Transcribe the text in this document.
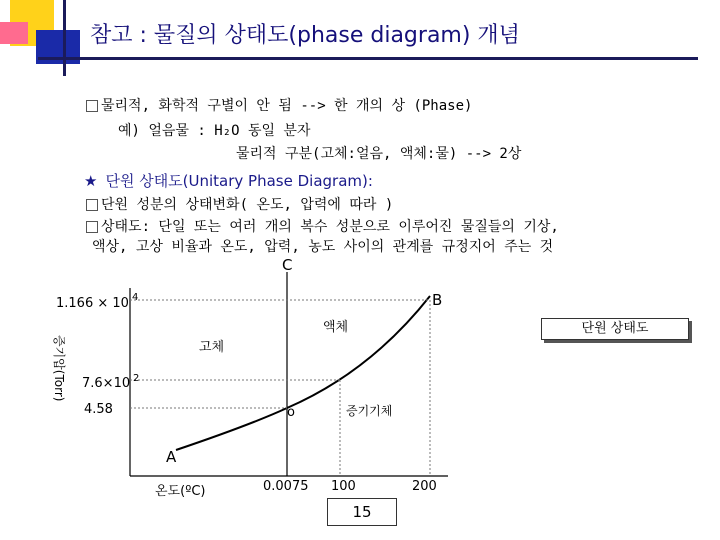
참고 : 물질의 상태도(phase diagram) 개념
물리적, 화학적 구별이 안 됨 --> 한 개의 상 (Phase)
예) 얼음물 : H₂O 동일 분자
물리적 구분(고체:얼음, 액체:물) --> 2상
★ 단원 상태도(Unitary Phase Diagram):
단원 성분의 상태변화( 온도, 압력에 따라 )
상태도: 단일 또는 여러 개의 복수 성분으로 이루어진 물질들의 기상,
액상, 고상 비율과 온도, 압력, 농도 사이의 관계를 규정지어 주는 것
C
B
A
o
1.166 × 10 4
7.6×10 2
4.58
0.0075 100	200
온도(ºC)
증기압(Torr)	고체
액체
증기기체
단원 상태도
15
